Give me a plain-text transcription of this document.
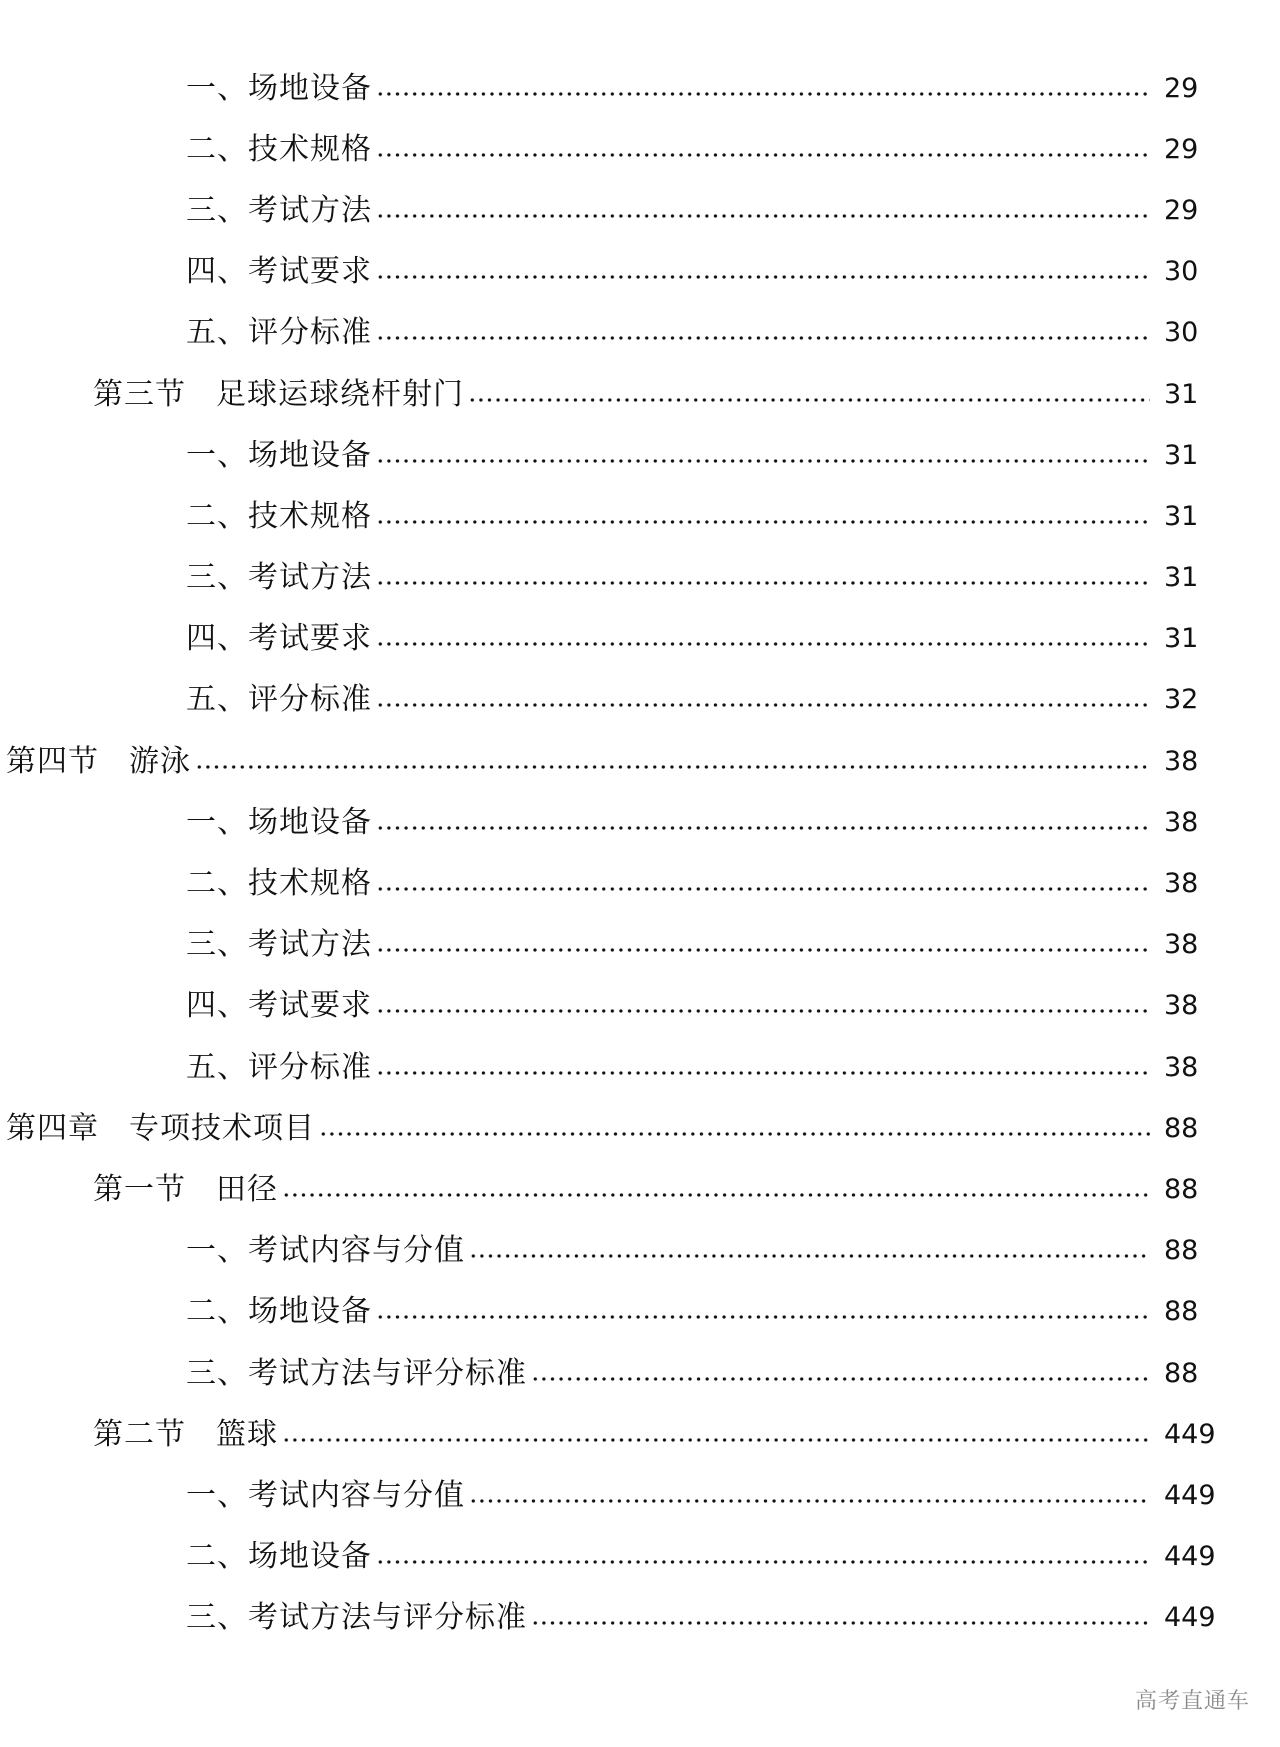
一、场地设备	29
二、技术规格	29
三、考试方法	29
四、考试要求	30
五、评分标准	30
第三节 足球运球绕杆射门	31
一、场地设备	31
二、技术规格	31
三、考试方法	31
四、考试要求	31
五、评分标准	32
第四节 游泳	38
一、场地设备	38
二、技术规格	38
三、考试方法	38
四、考试要求	38
五、评分标准	38
第四章 专项技术项目	88
第一节 田径	88
一、考试内容与分值	88
二、场地设备	88
三、考试方法与评分标准	88
第二节 篮球	449
一、考试内容与分值	449
二、场地设备	449
三、考试方法与评分标准	449
高考直通车
